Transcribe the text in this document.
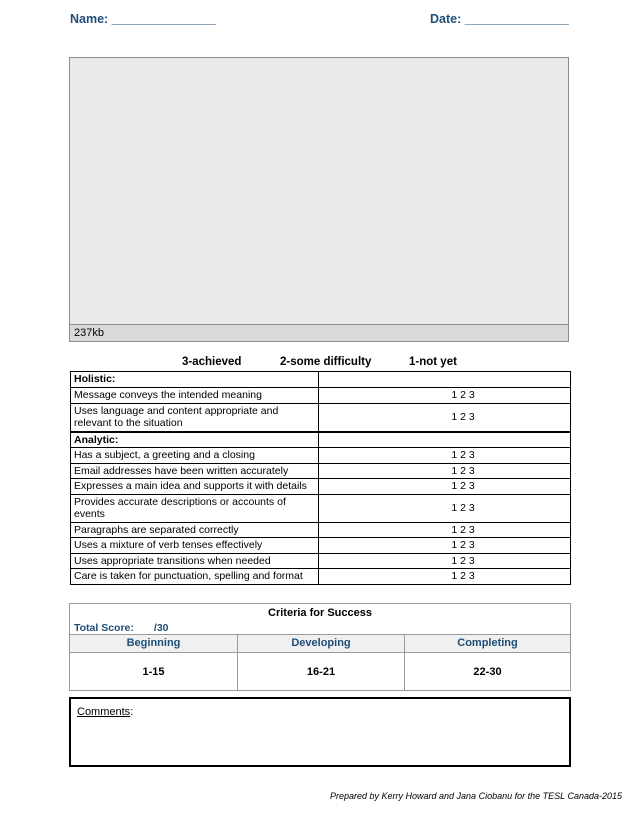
Name: _______________	Date: _______________
237kb
3-achieved	2-some difficulty	1-not yet
Holistic:	
Message conveys the intended meaning	1 2 3
Uses language and content appropriate and relevant to the situation	1 2 3
Analytic:	
Has a subject, a greeting and a closing	1 2 3
Email addresses have been written accurately	1 2 3
Expresses a main idea and supports it with details	1 2 3
Provides accurate descriptions or accounts of events	1 2 3
Paragraphs are separated correctly	1 2 3
Uses a mixture of verb tenses effectively	1 2 3
Uses appropriate transitions when needed	1 2 3
Care is taken for punctuation, spelling and format	1 2 3
Criteria for Success
Total Score: /30
Beginning	Developing	Completing
1-15	16-21	22-30
Comments:
Prepared by Kerry Howard and Jana Ciobanu for the TESL Canada-2015
